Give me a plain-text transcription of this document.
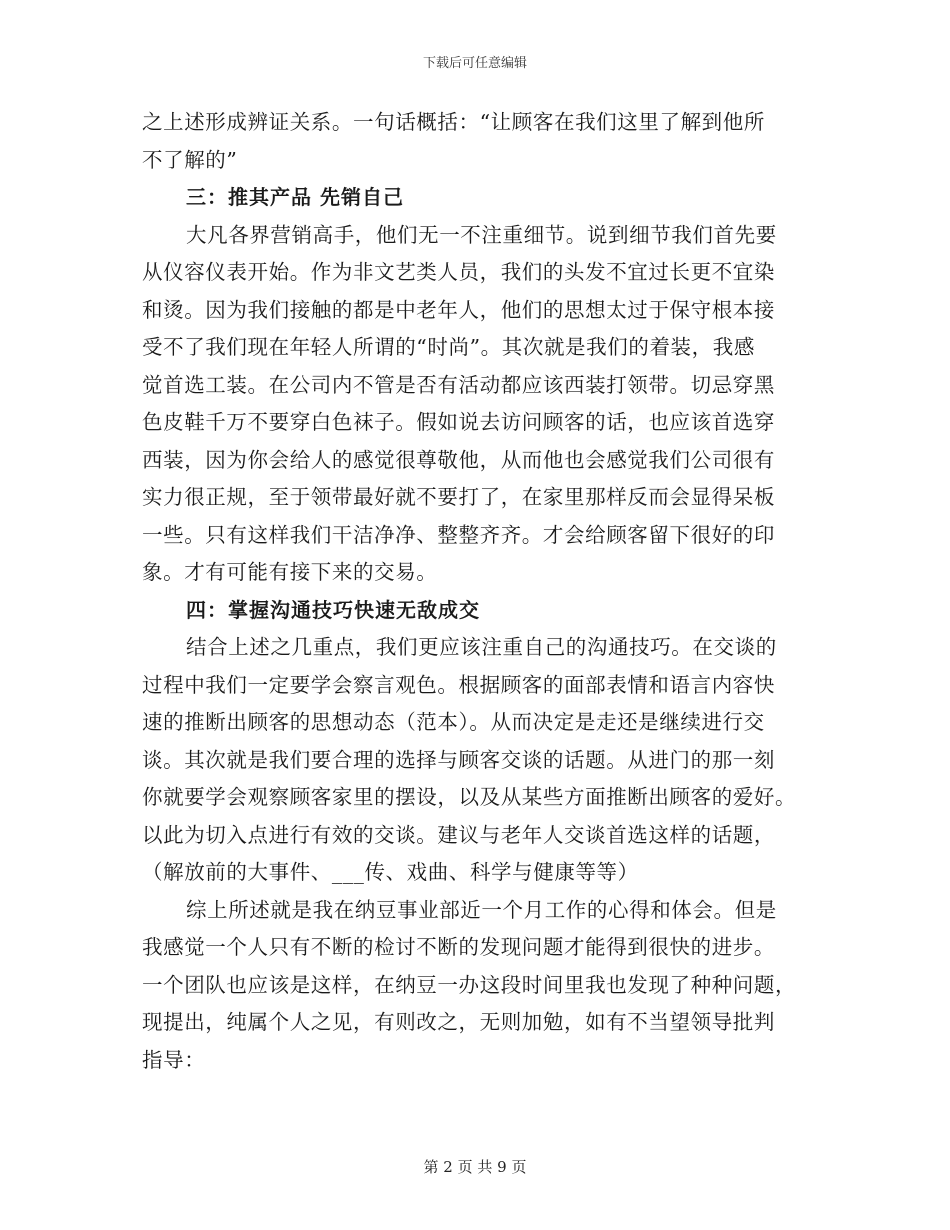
下载后可任意编辑
之上述形成辨证关系。一句话概括：“让顾客在我们这里了解到他所
不了解的”
三：推其产品 先销自己
大凡各界营销高手，他们无一不注重细节。说到细节我们首先要
从仪容仪表开始。作为非文艺类人员，我们的头发不宜过长更不宜染
和烫。因为我们接触的都是中老年人，他们的思想太过于保守根本接
受不了我们现在年轻人所谓的“时尚”。其次就是我们的着装，我感
觉首选工装。在公司内不管是否有活动都应该西装打领带。切忌穿黑
色皮鞋千万不要穿白色袜子。假如说去访问顾客的话，也应该首选穿
西装，因为你会给人的感觉很尊敬他，从而他也会感觉我们公司很有
实力很正规，至于领带最好就不要打了，在家里那样反而会显得呆板
一些。只有这样我们干洁净净、整整齐齐。才会给顾客留下很好的印
象。才有可能有接下来的交易。
四：掌握沟通技巧快速无敌成交
结合上述之几重点，我们更应该注重自己的沟通技巧。在交谈的
过程中我们一定要学会察言观色。根据顾客的面部表情和语言内容快
速的推断出顾客的思想动态（范本）。从而决定是走还是继续进行交
谈。其次就是我们要合理的选择与顾客交谈的话题。从进门的那一刻
你就要学会观察顾客家里的摆设，以及从某些方面推断出顾客的爱好。
以此为切入点进行有效的交谈。建议与老年人交谈首选这样的话题，
（解放前的大事件、___传、戏曲、科学与健康等等）
综上所述就是我在纳豆事业部近一个月工作的心得和体会。但是
我感觉一个人只有不断的检讨不断的发现问题才能得到很快的进步。
一个团队也应该是这样，在纳豆一办这段时间里我也发现了种种问题，
现提出，纯属个人之见，有则改之，无则加勉，如有不当望领导批判
指导：
第 2 页 共 9 页
